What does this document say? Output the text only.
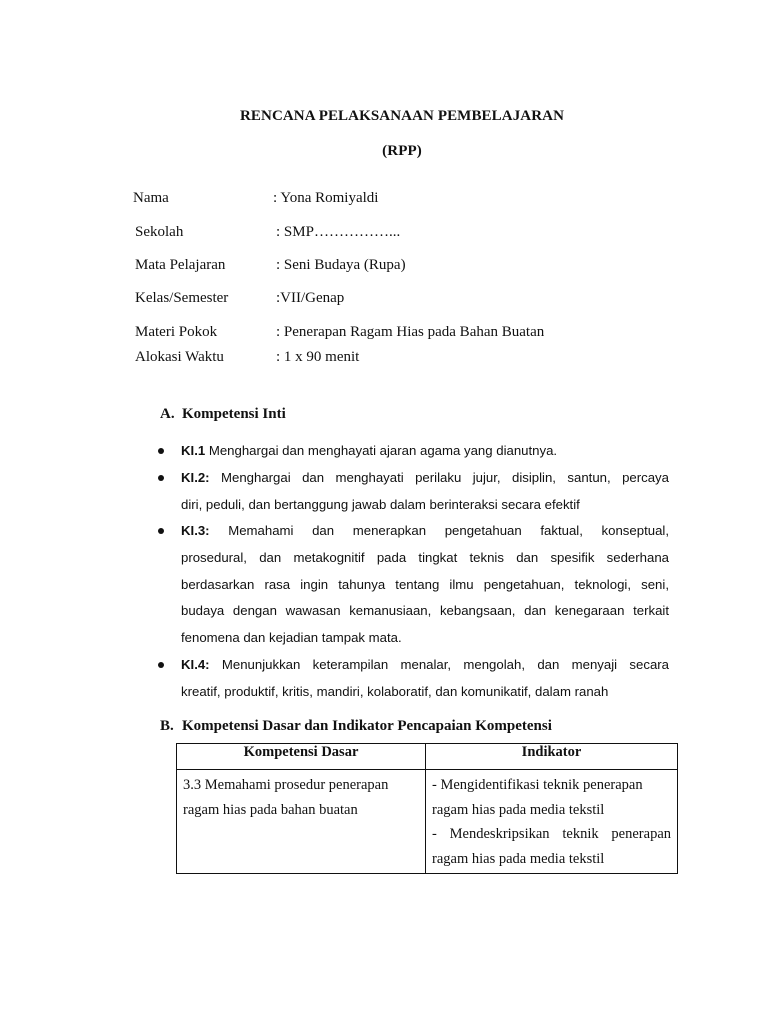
RENCANA PELAKSANAAN PEMBELAJARAN
(RPP)
Nama	: Yona Romiyaldi
Sekolah	: SMP……………...
Mata Pelajaran	: Seni Budaya (Rupa)
Kelas/Semester	:VII/Genap
Materi Pokok	: Penerapan Ragam Hias pada Bahan Buatan
Alokasi Waktu	: 1 x 90 menit
A. Kompetensi Inti
KI.1 Menghargai dan menghayati ajaran agama yang dianutnya.
KI.2: Menghargai dan menghayati perilaku jujur, disiplin, santun, percaya
diri, peduli, dan bertanggung jawab dalam berinteraksi secara efektif
KI.3: Memahami dan menerapkan pengetahuan faktual, konseptual,
prosedural, dan metakognitif pada tingkat teknis dan spesifik sederhana
berdasarkan rasa ingin tahunya tentang ilmu pengetahuan, teknologi, seni,
budaya dengan wawasan kemanusiaan, kebangsaan, dan kenegaraan terkait
fenomena dan kejadian tampak mata.
KI.4: Menunjukkan keterampilan menalar, mengolah, dan menyaji secara
kreatif, produktif, kritis, mandiri, kolaboratif, dan komunikatif, dalam ranah
B. Kompetensi Dasar dan Indikator Pencapaian Kompetensi
Kompetensi Dasar	Indikator

3.3 Memahami prosedur penerapan
ragam hias pada bahan buatan	- Mengidentifikasi teknik penerapan
ragam hias pada media tekstil
- Mendeskripsikan teknik penerapan
ragam hias pada media tekstil
